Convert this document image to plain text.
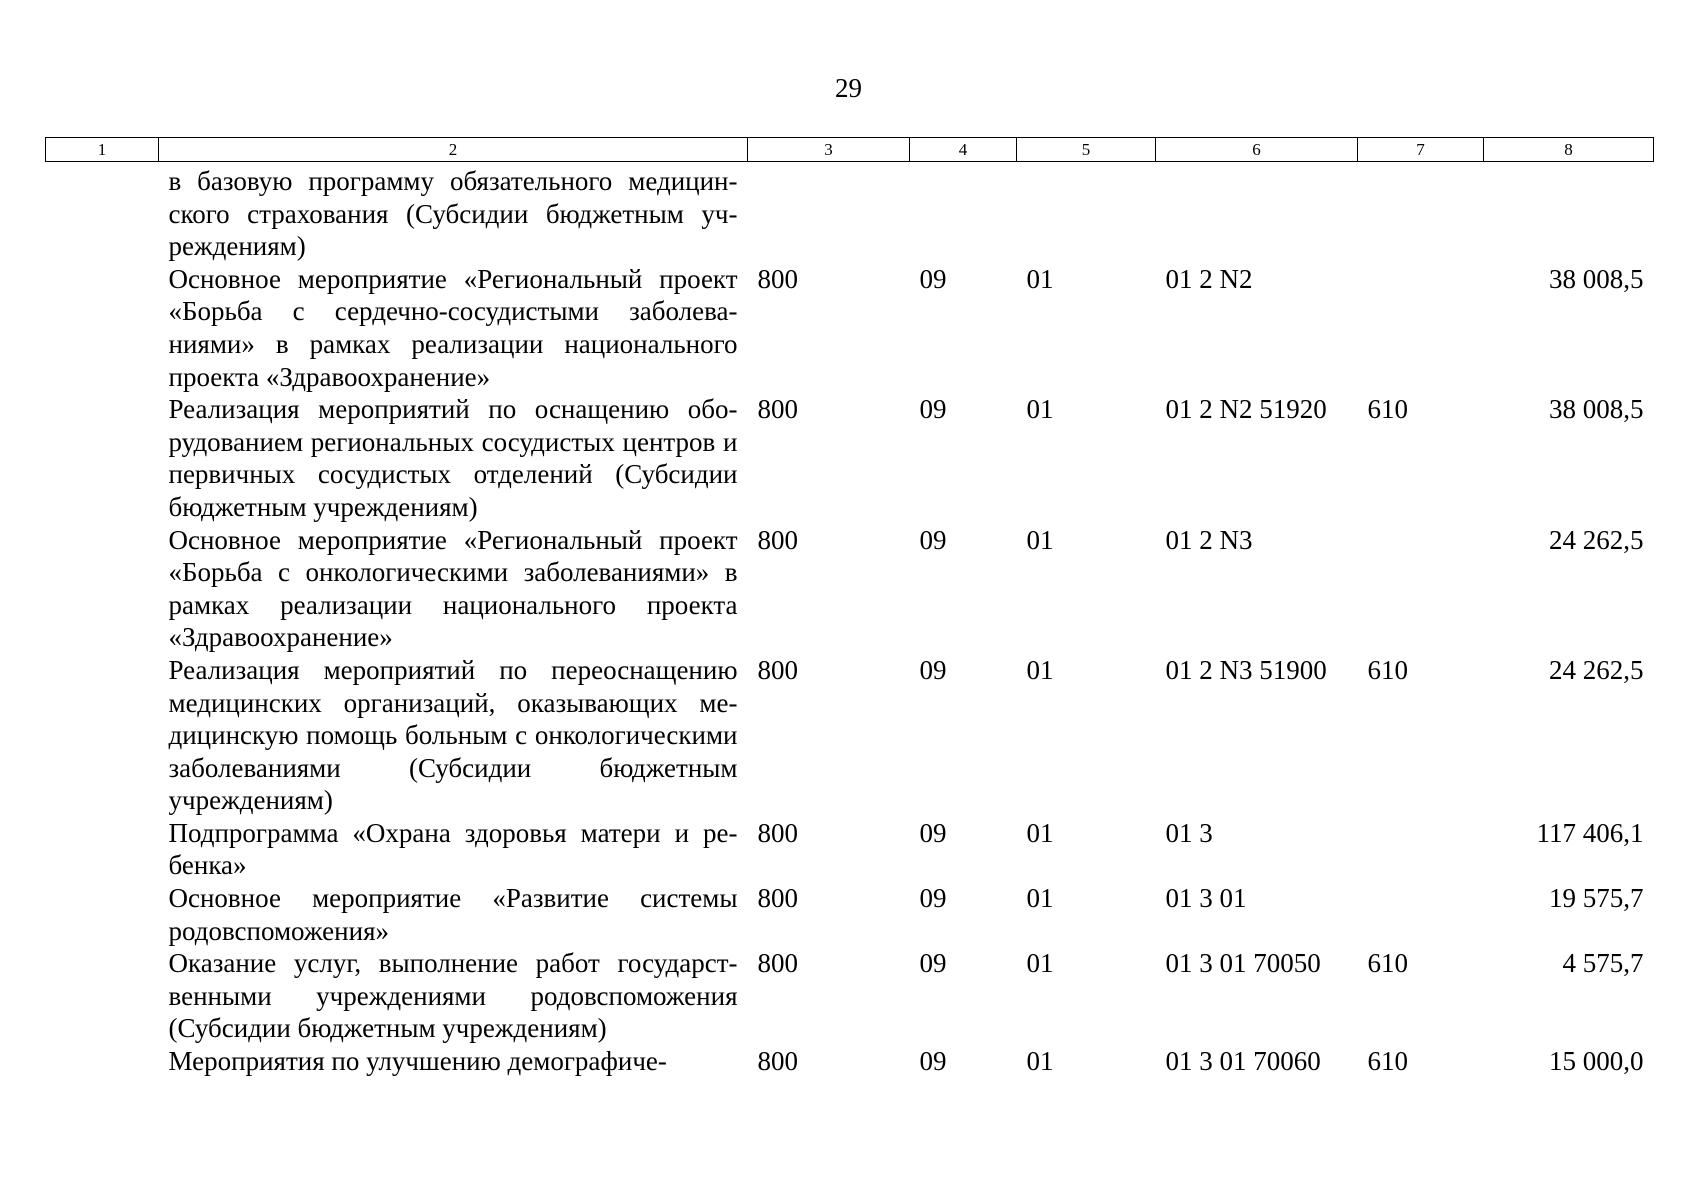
29
1	2	3	4	5	6	7	8
	в базовую программу обязательного медицинского страхования (Субсидии бюджетным учреждениям)						
	Основное мероприятие «Региональный проект «Борьба с сердечно-сосудистыми заболеваниями» в рамках реализации национального проекта «Здравоохранение»	800	09	01	01 2 N2		38 008,5
	Реализация мероприятий по оснащению оборудованием региональных сосудистых центров и первичных сосудистых отделений (Субсидии бюджетным учреждениям)	800	09	01	01 2 N2 51920	610	38 008,5
	Основное мероприятие «Региональный проект «Борьба с онкологическими заболеваниями» в рамках реализации национального проекта «Здравоохранение»	800	09	01	01 2 N3		24 262,5
	Реализация мероприятий по переоснащению медицинских организаций, оказывающих медицинскую помощь больным с онкологическими заболеваниями (Субсидии бюджетным учреждениям)	800	09	01	01 2 N3 51900	610	24 262,5
	Подпрограмма «Охрана здоровья матери и ребенка»	800	09	01	01 3		117 406,1
	Основное мероприятие «Развитие системы родовспоможения»	800	09	01	01 3 01		19 575,7
	Оказание услуг, выполнение работ государственными учреждениями родовспоможения (Субсидии бюджетным учреждениям)	800	09	01	01 3 01 70050	610	4 575,7
	Мероприятия по улучшению демографиче-	800	09	01	01 3 01 70060	610	15 000,0
